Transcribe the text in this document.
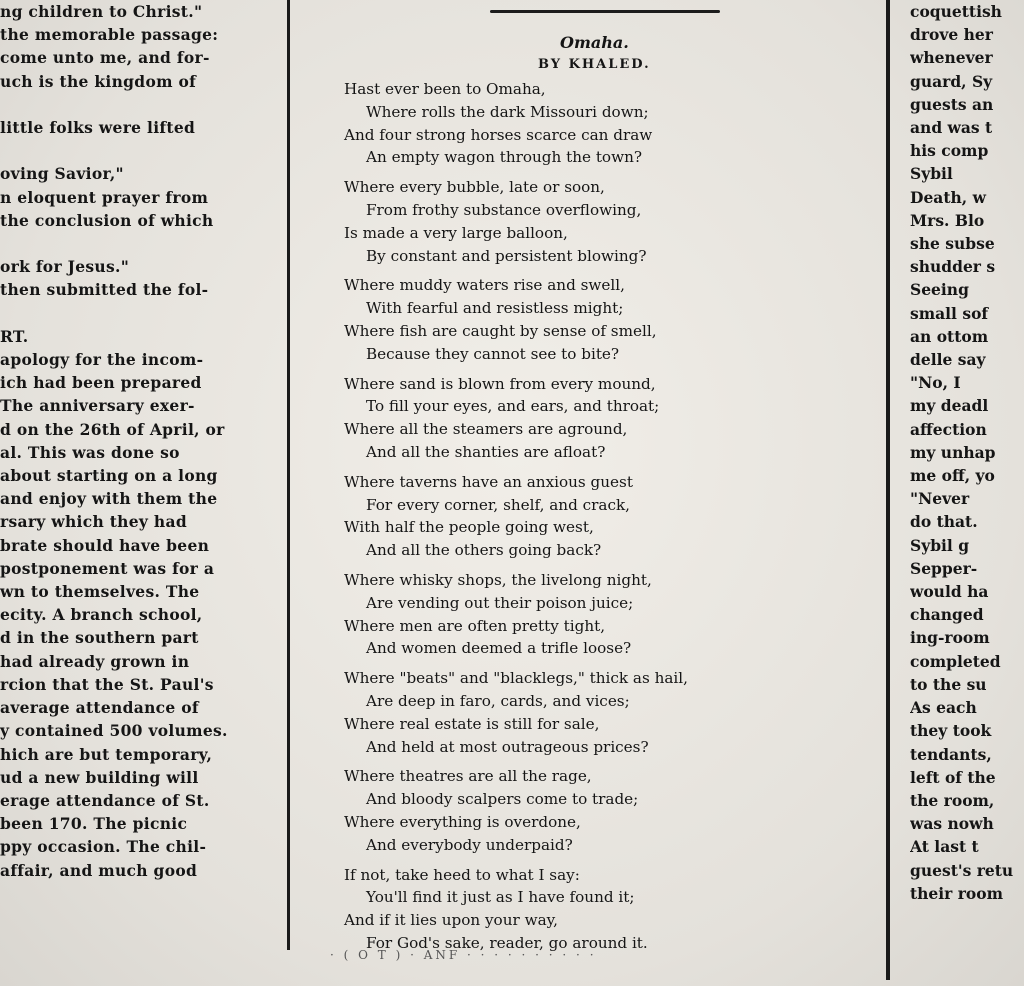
ng children to Christ."

the memorable passage:

come unto me, and for-

uch is the kingdom of

little folks were lifted

oving Savior,"

n eloquent prayer from

the conclusion of which

ork for Jesus."

then submitted the fol-

RT.

apology for the incom-

ich had been prepared

The anniversary exer-

d on the 26th of April, or

al. This was done so

about starting on a long

and enjoy with them the

rsary which they had

brate should have been

postponement was for a

wn to themselves. The

ecity. A branch school,

d in the southern part

had already grown in

rcion that the St. Paul's

average attendance of

y contained 500 volumes.

hich are but temporary,

ud a new building will

erage attendance of St.

been 170. The picnic

ppy occasion. The chil-

affair, and much good

Omaha.
BY KHALED.

Hast ever been to Omaha,

Where rolls the dark Missouri down;

And four strong horses scarce can draw

An empty wagon through the town?

Where every bubble, late or soon,

From frothy substance overflowing,

Is made a very large balloon,

By constant and persistent blowing?

Where muddy waters rise and swell,

With fearful and resistless might;

Where fish are caught by sense of smell,

Because they cannot see to bite?

Where sand is blown from every mound,

To fill your eyes, and ears, and throat;

Where all the steamers are aground,

And all the shanties are afloat?

Where taverns have an anxious guest

For every corner, shelf, and crack,

With half the people going west,

And all the others going back?

Where whisky shops, the livelong night,

Are vending out their poison juice;

Where men are often pretty tight,

And women deemed a trifle loose?

Where "beats" and "blacklegs," thick as hail,

Are deep in faro, cards, and vices;

Where real estate is still for sale,

And held at most outrageous prices?

Where theatres are all the rage,

And bloody scalpers come to trade;

Where everything is overdone,

And everybody underpaid?

If not, take heed to what I say:

You'll find it just as I have found it;

And if it lies upon your way,

For God's sake, reader, go around it.

coquettish

drove her

whenever

guard, Sy

guests an

and was t

his comp

Sybil

Death, w

Mrs. Blo

she subse

shudder s

Seeing

small sof

an ottom

delle say

"No, I

my deadl

affection

my unhap

me off, yo

"Never

do that.

Sybil g

Sepper-

would ha

changed

ing-room

completed

to the su

As each

they took

tendants,

left of the

the room,

was nowh

At last t

guest's retu

their room

· ( O T ) · ANF · · · · · · · · · ·
